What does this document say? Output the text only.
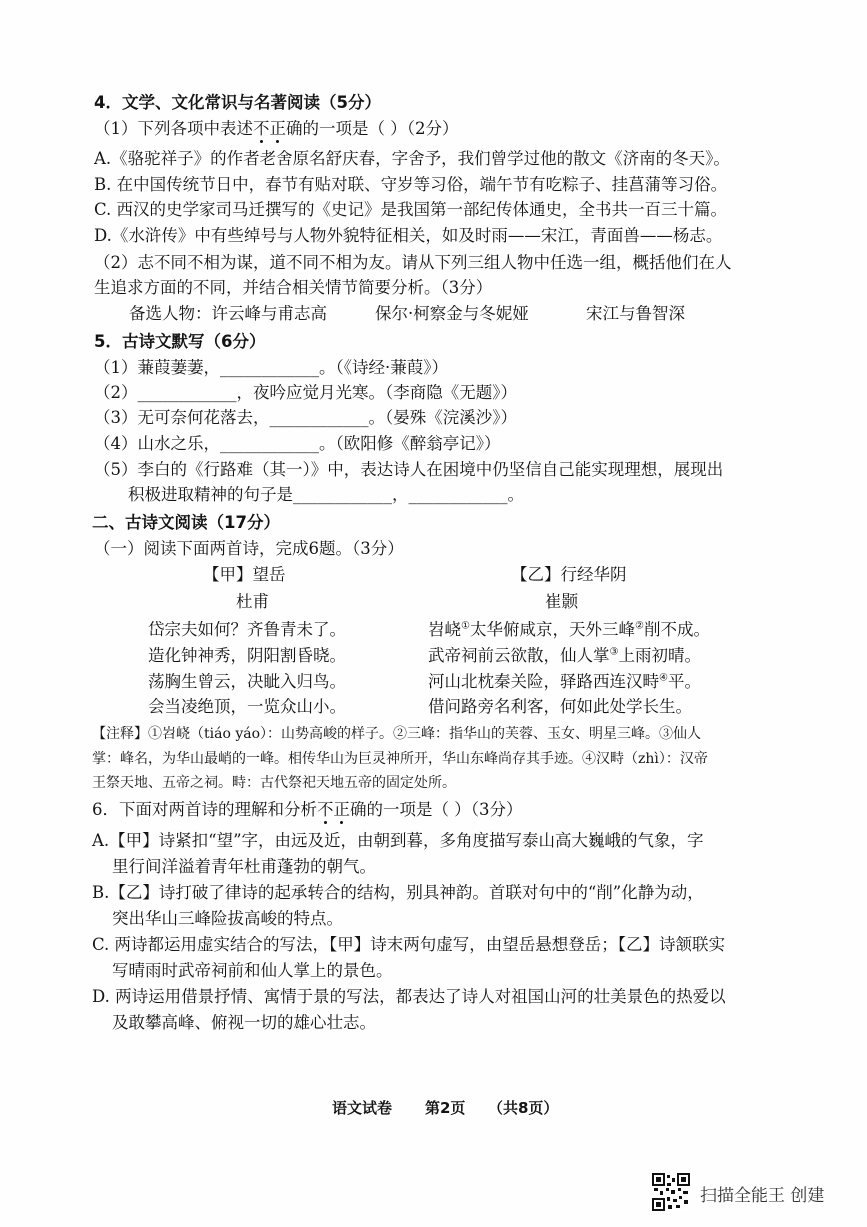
4．文学、文化常识与名著阅读（5分）
（1）下列各项中表述不正确的一项是（ ）（2分）
A.《骆驼祥子》的作者老舍原名舒庆春，字舍予，我们曾学过他的散文《济南的冬天》。
B. 在中国传统节日中，春节有贴对联、守岁等习俗，端午节有吃粽子、挂菖蒲等习俗。
C. 西汉的史学家司马迁撰写的《史记》是我国第一部纪传体通史，全书共一百三十篇。
D.《水浒传》中有些绰号与人物外貌特征相关，如及时雨——宋江，青面兽——杨志。
（2）志不同不相为谋，道不同不相为友。请从下列三组人物中任选一组，概括他们在人
生追求方面的不同，并结合相关情节简要分析。（3分）
备选人物：许云峰与甫志高	保尔·柯察金与冬妮娅	宋江与鲁智深
5．古诗文默写（6分）
（1）蒹葭萋萋，____________。（《诗经·蒹葭》）
（2）____________，夜吟应觉月光寒。（李商隐《无题》）
（3）无可奈何花落去，____________。（晏殊《浣溪沙》）
（4）山水之乐，____________。（欧阳修《醉翁亭记》）
（5）李白的《行路难（其一）》中，表达诗人在困境中仍坚信自己能实现理想，展现出
积极进取精神的句子是____________，____________。
二、古诗文阅读（17分）
（一）阅读下面两首诗，完成6题。（3分）
【甲】望岳
杜甫
岱宗夫如何？齐鲁青未了。
造化钟神秀，阴阳割昏晓。
荡胸生曾云，决眦入归鸟。
会当凌绝顶，一览众山小。
【乙】行经华阴
崔颢
岧峣①太华俯咸京，天外三峰②削不成。
武帝祠前云欲散，仙人掌③上雨初晴。
河山北枕秦关险，驿路西连汉畤④平。
借问路旁名利客，何如此处学长生。
【注释】①岧峣（tiáo yáo）：山势高峻的样子。②三峰：指华山的芙蓉、玉女、明星三峰。③仙人
掌：峰名，为华山最峭的一峰。相传华山为巨灵神所开，华山东峰尚存其手迹。④汉畤（zhì）：汉帝
王祭天地、五帝之祠。畤：古代祭祀天地五帝的固定处所。
6．下面对两首诗的理解和分析不正确的一项是（ ）（3分）
A.【甲】诗紧扣“望”字，由远及近，由朝到暮，多角度描写泰山高大巍峨的气象，字
里行间洋溢着青年杜甫蓬勃的朝气。
B.【乙】诗打破了律诗的起承转合的结构，别具神韵。首联对句中的“削”化静为动，
突出华山三峰险拔高峻的特点。
C. 两诗都运用虚实结合的写法，【甲】诗末两句虚写，由望岳悬想登岳；【乙】诗颔联实
写晴雨时武帝祠前和仙人掌上的景色。
D. 两诗运用借景抒情、寓情于景的写法，都表达了诗人对祖国山河的壮美景色的热爱以
及敢攀高峰、俯视一切的雄心壮志。
语文试卷 第2页 （共8页）
扫描全能王 创建
